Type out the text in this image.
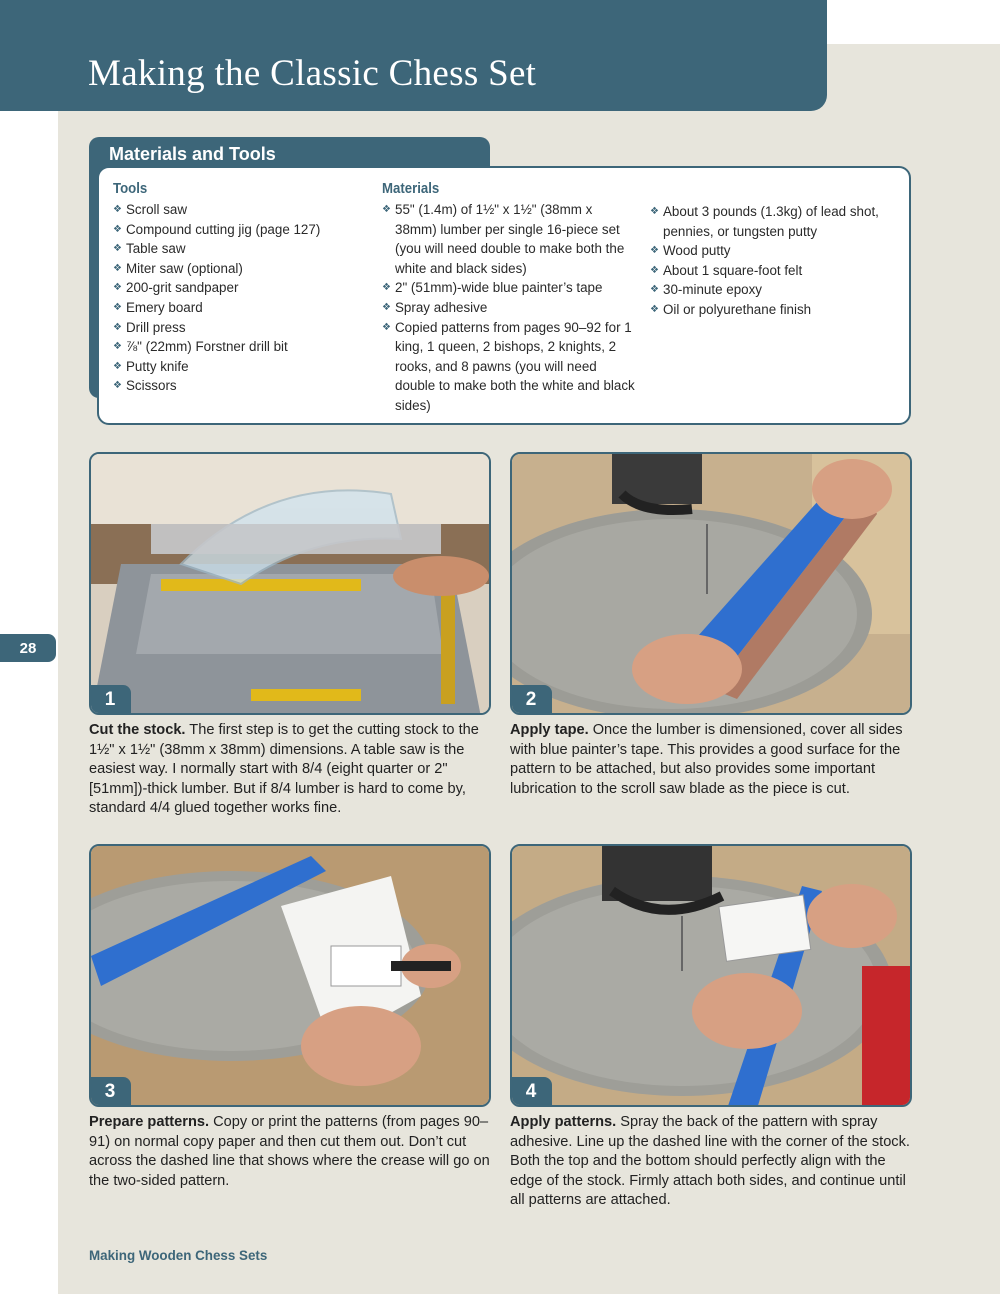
Making the Classic Chess Set
28
Materials and Tools
Tools
❖ Scroll saw
❖ Compound cutting jig (page 127)
❖ Table saw
❖ Miter saw (optional)
❖ 200-grit sandpaper
❖ Emery board
❖ Drill press
❖ ⅞" (22mm) Forstner drill bit
❖ Putty knife
❖ Scissors
Materials
❖ 55" (1.4m) of 1½" x 1½" (38mm x 38mm) lumber per single 16-piece set (you will need double to make both the white and black sides)
❖ 2" (51mm)-wide blue painter’s tape
❖ Spray adhesive
❖ Copied patterns from pages 90–92 for 1 king, 1 queen, 2 bishops, 2 knights, 2 rooks, and 8 pawns (you will need double to make both the white and black sides)
❖ About 3 pounds (1.3kg) of lead shot, pennies, or tungsten putty
❖ Wood putty
❖ About 1 square-foot felt
❖ 30-minute epoxy
❖ Oil or polyurethane finish
1
Cut the stock. The first step is to get the cutting stock to the 1½" x 1½" (38mm x 38mm) dimensions. A table saw is the easiest way. I normally start with 8/4 (eight quarter or 2" [51mm])-thick lumber. But if 8/4 lumber is hard to come by, standard 4/4 glued together works fine.
2
Apply tape. Once the lumber is dimensioned, cover all sides with blue painter’s tape. This provides a good surface for the pattern to be attached, but also provides some important lubrication to the scroll saw blade as the piece is cut.
3
Prepare patterns. Copy or print the patterns (from pages 90–91) on normal copy paper and then cut them out. Don’t cut across the dashed line that shows where the crease will go on the two-sided pattern.
4
Apply patterns. Spray the back of the pattern with spray adhesive. Line up the dashed line with the corner of the stock. Both the top and the bottom should perfectly align with the edge of the stock. Firmly attach both sides, and continue until all patterns are attached.
Making Wooden Chess Sets
